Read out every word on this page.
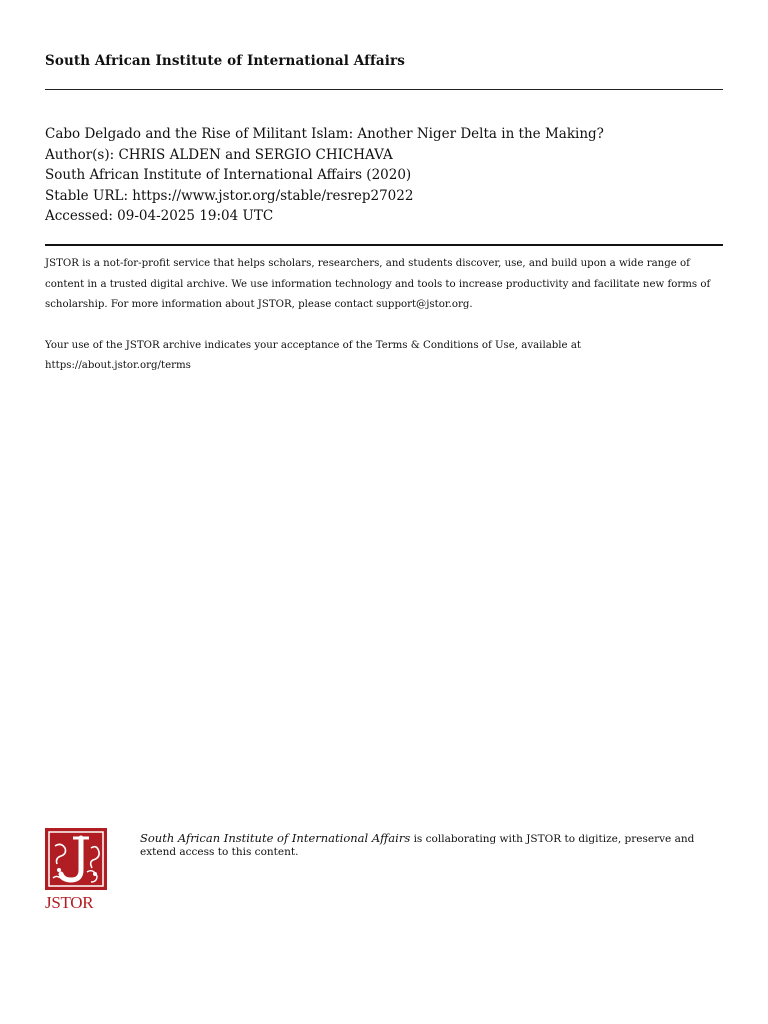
South African Institute of International Affairs
Cabo Delgado and the Rise of Militant Islam: Another Niger Delta in the Making?
Author(s): CHRIS ALDEN and SERGIO CHICHAVA
South African Institute of International Affairs (2020)
Stable URL: https://www.jstor.org/stable/resrep27022
Accessed: 09-04-2025 19:04 UTC

JSTOR is a not-for-profit service that helps scholars, researchers, and students discover, use, and build upon a wide range of content in a trusted digital archive. We use information technology and tools to increase productivity and facilitate new forms of scholarship. For more information about JSTOR, please contact support@jstor.org.

Your use of the JSTOR archive indicates your acceptance of the Terms & Conditions of Use, available at
https://about.jstor.org/terms

JSTOR
South African Institute of International Affairs is collaborating with JSTOR to digitize, preserve and extend access to this content.
